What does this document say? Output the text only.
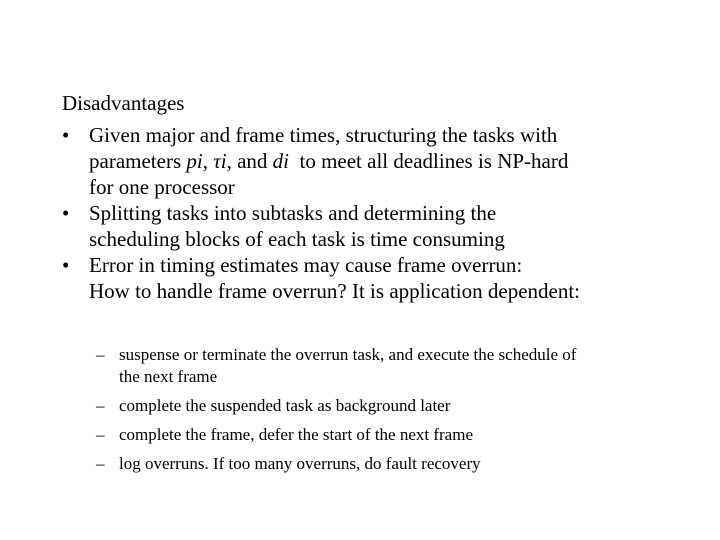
Disadvantages
• Given major and frame times, structuring the tasks with
parameters pi, τi, and di  to meet all deadlines is NP-hard
for one processor
• Splitting tasks into subtasks and determining the
scheduling blocks of each task is time consuming
• Error in timing estimates may cause frame overrun:
How to handle frame overrun? It is application dependent:
– suspense or terminate the overrun task, and execute the schedule of
the next frame
– complete the suspended task as background later
– complete the frame, defer the start of the next frame
– log overruns. If too many overruns, do fault recovery
